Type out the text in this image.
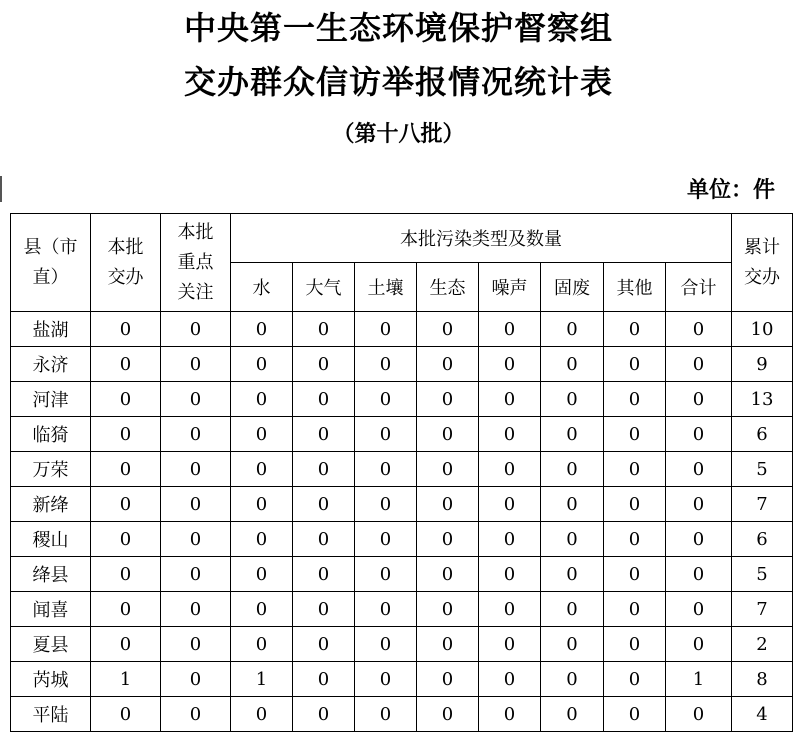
中央第一生态环境保护督察组
交办群众信访举报情况统计表
（第十八批）
单位：件
县（市直）	本批交办	本批重点关注	本批污染类型及数量								累计交办

			水	大气	土壤	生态	噪声	固废	其他	合计	
盐湖	0	0	0	0	0	0	0	0	0	0	10
永济	0	0	0	0	0	0	0	0	0	0	9
河津	0	0	0	0	0	0	0	0	0	0	13
临猗	0	0	0	0	0	0	0	0	0	0	6
万荣	0	0	0	0	0	0	0	0	0	0	5
新绛	0	0	0	0	0	0	0	0	0	0	7
稷山	0	0	0	0	0	0	0	0	0	0	6
绛县	0	0	0	0	0	0	0	0	0	0	5
闻喜	0	0	0	0	0	0	0	0	0	0	7
夏县	0	0	0	0	0	0	0	0	0	0	2
芮城	1	0	1	0	0	0	0	0	0	1	8
平陆	0	0	0	0	0	0	0	0	0	0	4
